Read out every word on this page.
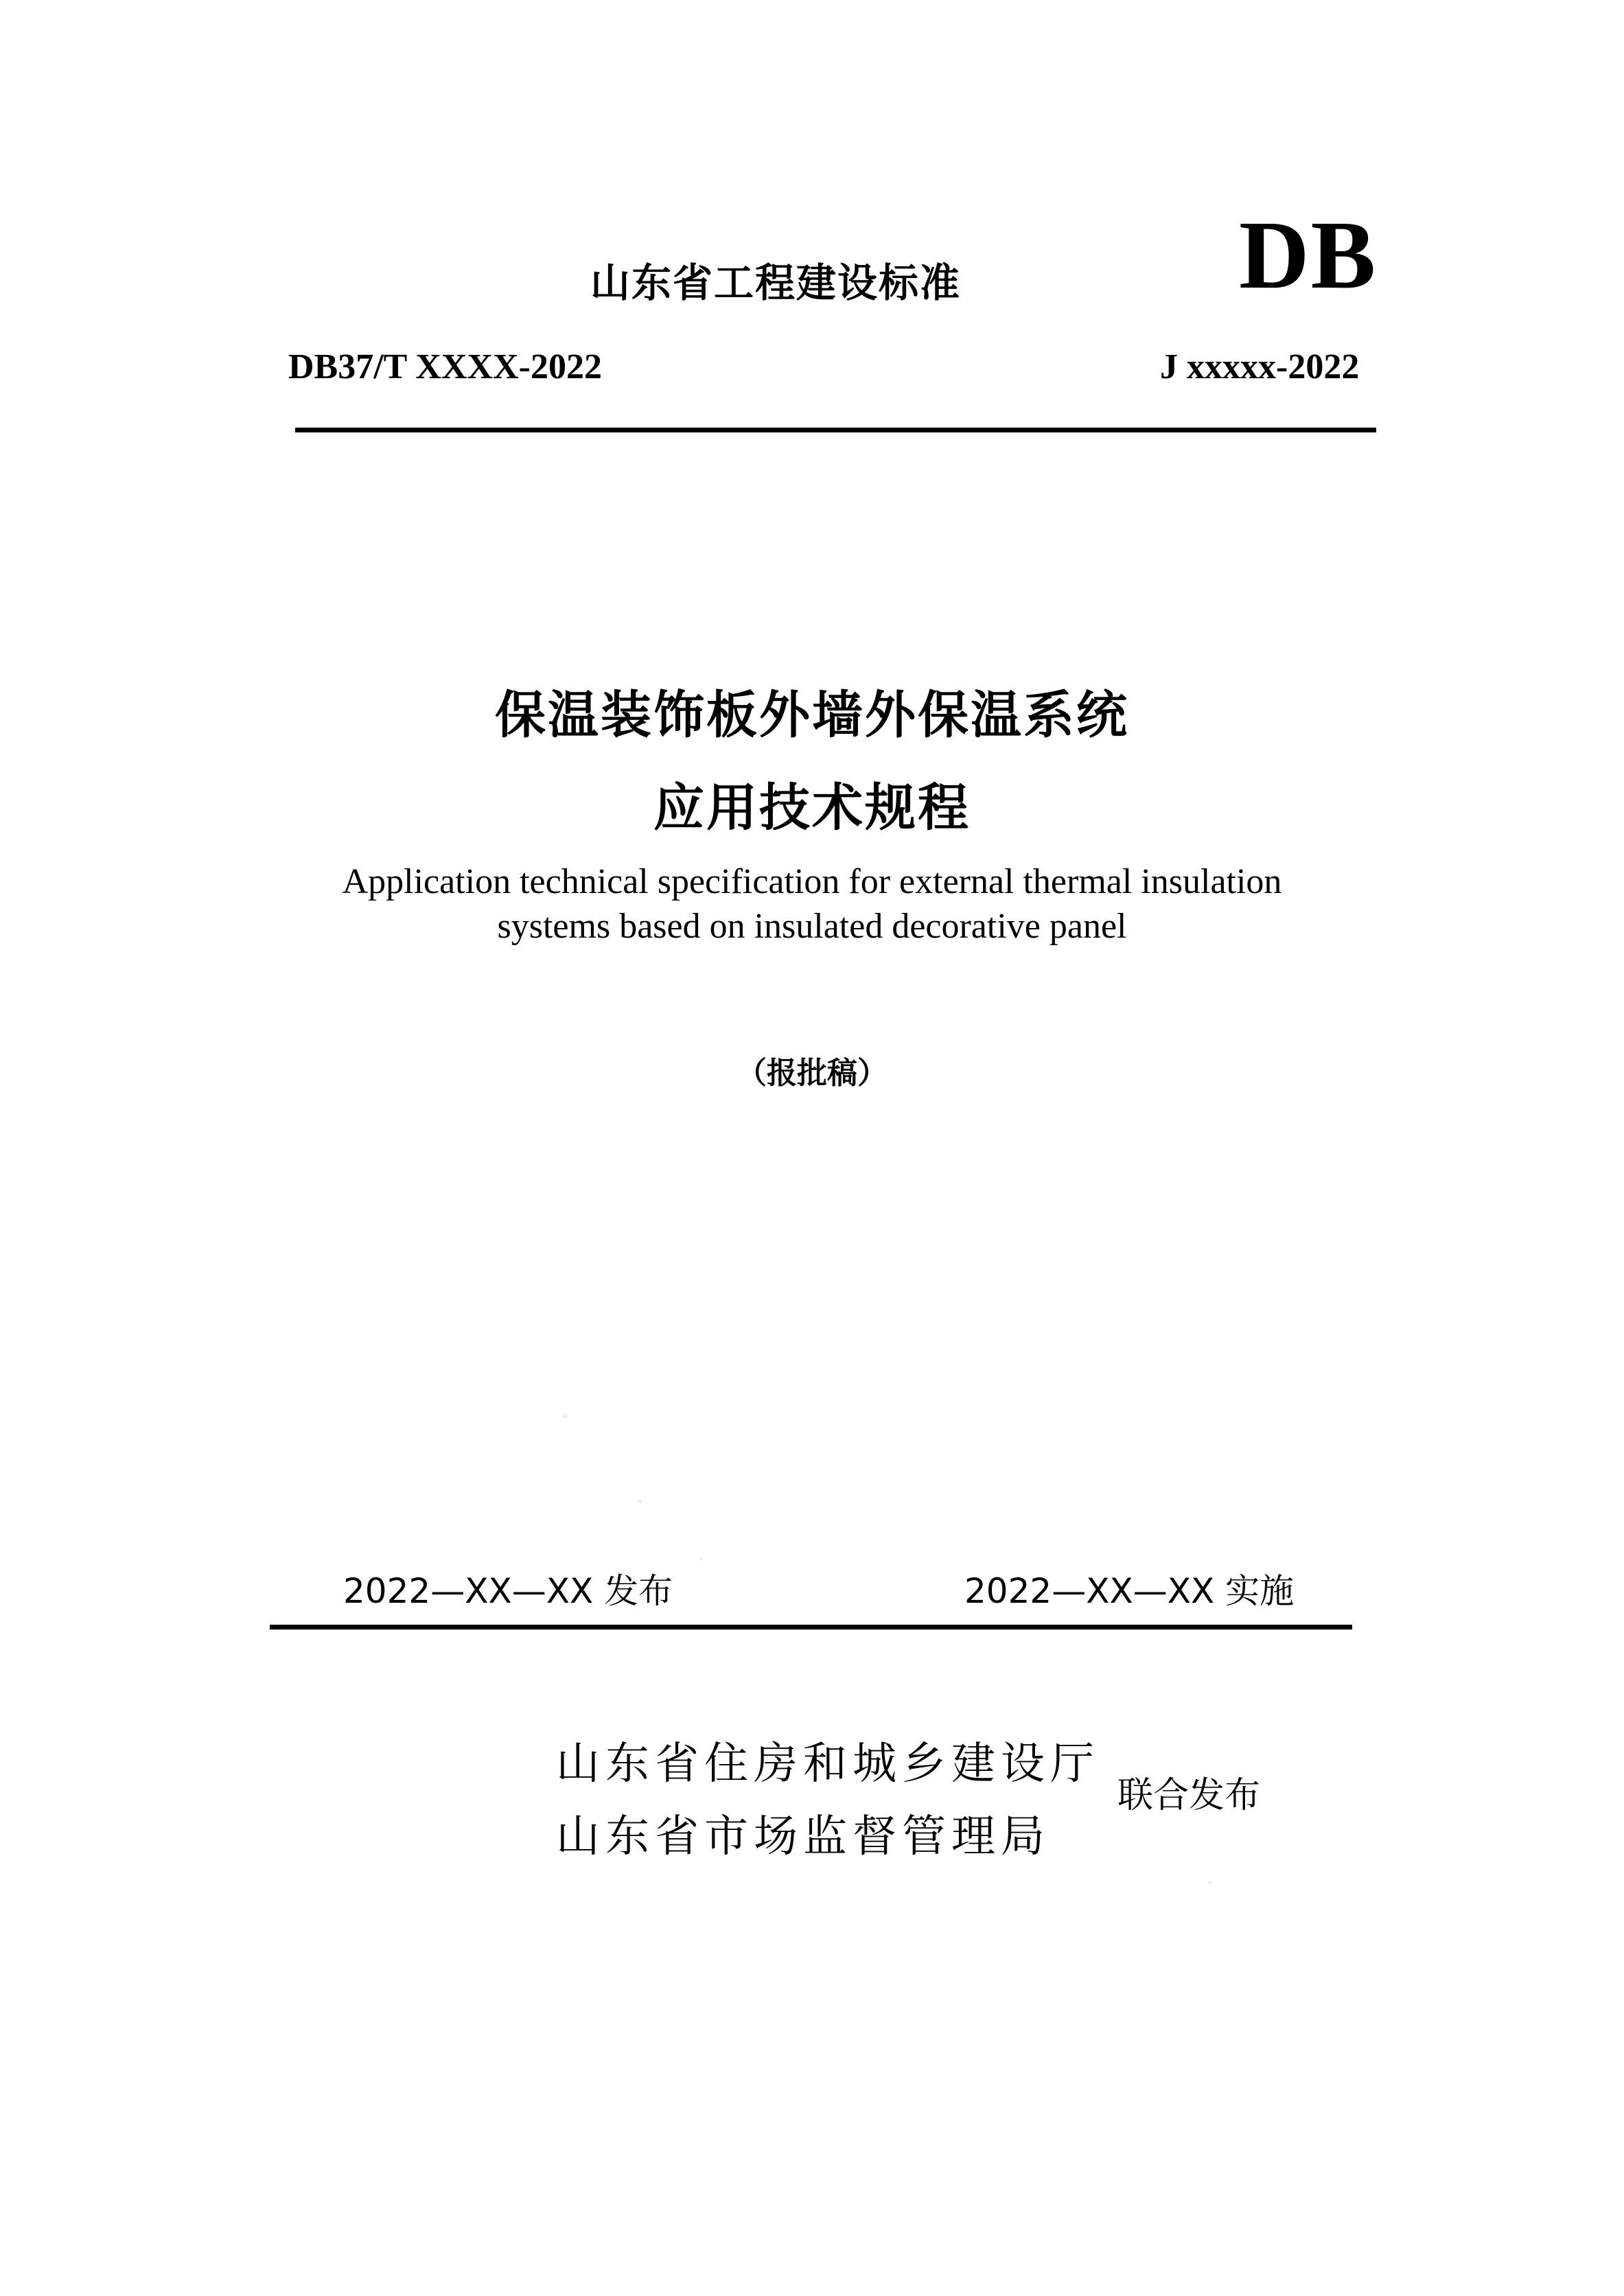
山东省工程建设标准	DB
DB37/T XXXX-2022	J xxxxx-2022
保温装饰板外墙外保温系统
应用技术规程
Application technical specification for external thermal insulation
systems based on insulated decorative panel
（报批稿）
2022—XX—XX 发布	2022—XX—XX 实施
山东省住房和城乡建设厅
山东省市场监督管理局
联合发布
